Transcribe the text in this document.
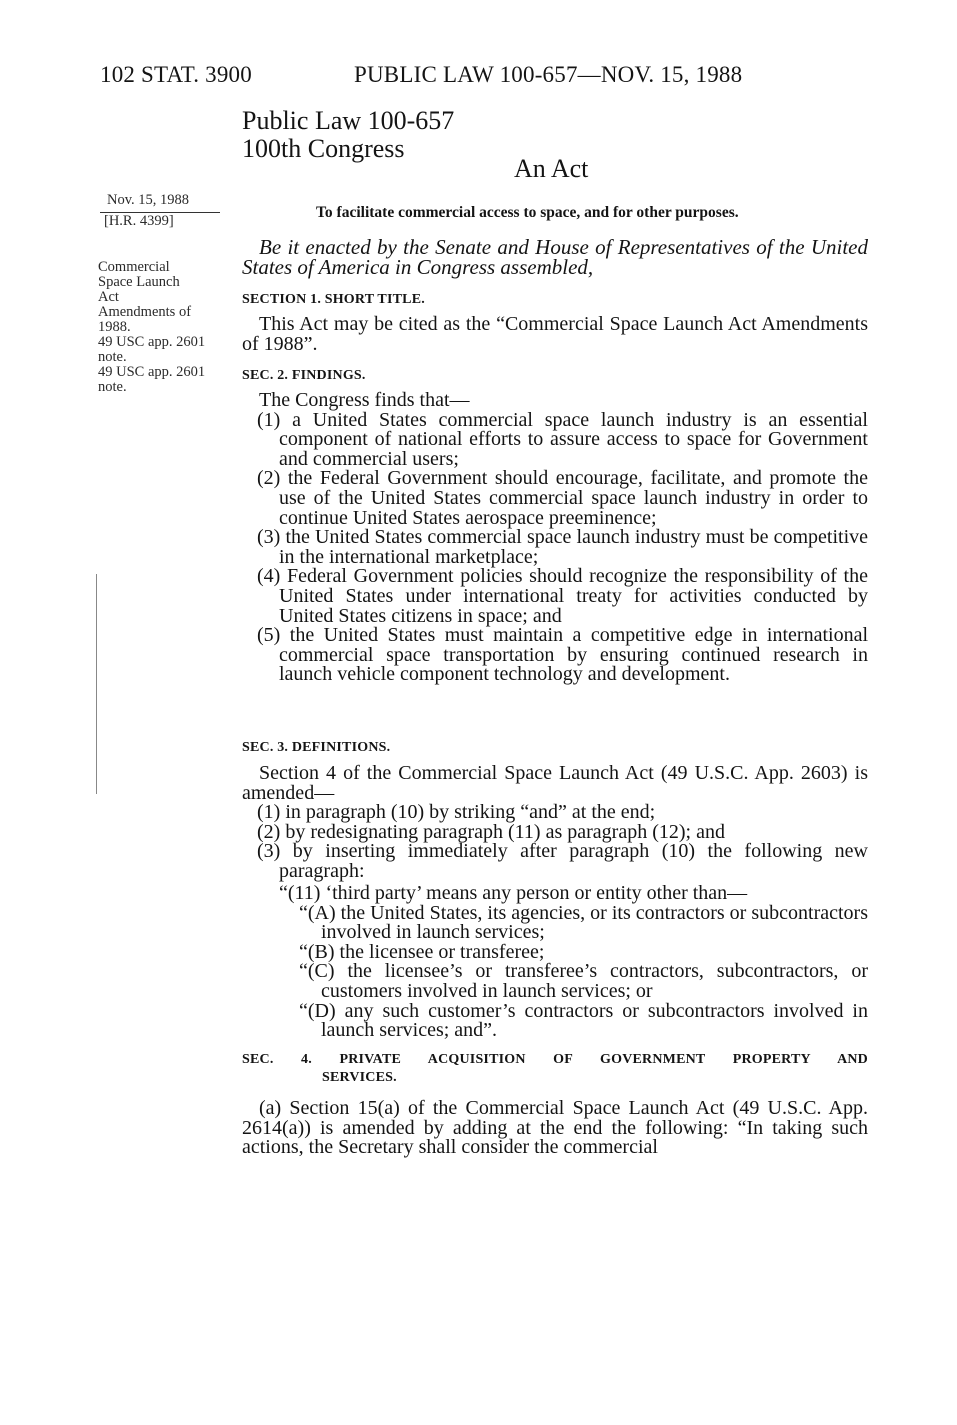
102 STAT. 3900	PUBLIC LAW 100-657—NOV. 15, 1988
Public Law 100-657
100th Congress
An Act
Nov. 15, 1988
[H.R. 4399]
Commercial
Space Launch
Act
Amendments of
1988.
49 USC app. 2601
note.
49 USC app. 2601
note.
To facilitate commercial access to space, and for other purposes.

Be it enacted by the Senate and House of Representatives of the United States of America in Congress assembled,

SECTION 1. SHORT TITLE.

This Act may be cited as the “Commercial Space Launch Act Amendments of 1988”.

SEC. 2. FINDINGS.

The Congress finds that—

(1) a United States commercial space launch industry is an essential component of national efforts to assure access to space for Government and commercial users;

(2) the Federal Government should encourage, facilitate, and promote the use of the United States commercial space launch industry in order to continue United States aerospace preeminence;

(3) the United States commercial space launch industry must be competitive in the international marketplace;

(4) Federal Government policies should recognize the responsibility of the United States under international treaty for activities conducted by United States citizens in space; and

(5) the United States must maintain a competitive edge in international commercial space transportation by ensuring continued research in launch vehicle component technology and development.

SEC. 3. DEFINITIONS.

Section 4 of the Commercial Space Launch Act (49 U.S.C. App. 2603) is amended—

(1) in paragraph (10) by striking “and” at the end;

(2) by redesignating paragraph (11) as paragraph (12); and

(3) by inserting immediately after paragraph (10) the following new paragraph:

“(11) ‘third party’ means any person or entity other than—

“(A) the United States, its agencies, or its contractors or subcontractors involved in launch services;

“(B) the licensee or transferee;

“(C) the licensee’s or transferee’s contractors, subcontractors, or customers involved in launch services; or

“(D) any such customer’s contractors or subcontractors involved in launch services; and”.

SEC. 4. PRIVATE ACQUISITION OF GOVERNMENT PROPERTY AND
SERVICES.

(a) Section 15(a) of the Commercial Space Launch Act (49 U.S.C. App. 2614(a)) is amended by adding at the end the following: “In taking such actions, the Secretary shall consider the commercial
